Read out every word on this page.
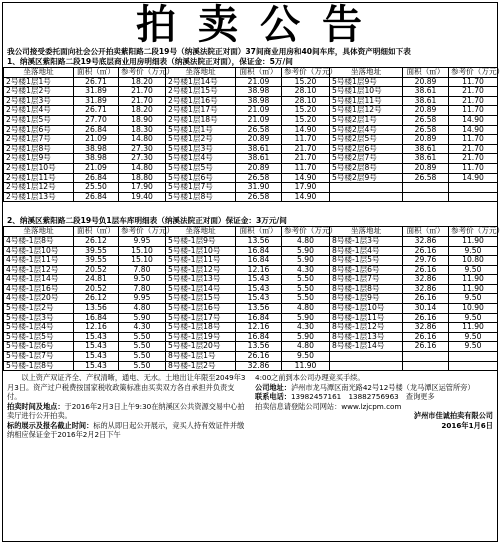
拍卖公告
我公司接受委托面向社会公开拍卖紫阳路二段19号（纳溪法院正对面）37间商业用房和40间车库，具体资产明细如下表
1、纳溪区紫阳路二段19号底层商业用房明细表（纳溪法院正对面），保证金：5万/间
坐落地址	面积（㎡）	参考价（万元）	坐落地址	面积（㎡）	参考价（万元）	坐落地址	面积（㎡）	参考价（万元）
2号楼1层1号	26.71	18.20	2号楼1层14号	21.09	15.20	5号楼1层9号	20.89	11.70
2号楼1层2号	31.89	21.70	2号楼1层15号	38.98	28.10	5号楼1层10号	38.61	21.70
2号楼1层3号	31.89	21.70	2号楼1层16号	38.98	28.10	5号楼1层11号	38.61	21.70
2号楼1层4号	26.71	18.20	2号楼1层17号	21.09	15.20	5号楼1层12号	20.89	11.70
2号楼1层5号	27.70	18.90	2号楼1层18号	21.09	15.20	5号楼2层1号	26.58	14.90
2号楼1层6号	26.84	18.30	5号楼1层1号	26.58	14.90	5号楼2层4号	26.58	14.90
2号楼1层7号	21.09	14.80	5号楼1层2号	20.89	11.70	5号楼2层5号	20.89	11.70
2号楼1层8号	38.98	27.30	5号楼1层3号	38.61	21.70	5号楼2层6号	38.61	21.70
2号楼1层9号	38.98	27.30	5号楼1层4号	38.61	21.70	5号楼2层7号	38.61	21.70
2号楼1层10号	21.09	14.80	5号楼1层5号	20.89	11.70	5号楼2层8号	20.89	11.70
2号楼1层11号	26.84	18.80	5号楼1层6号	26.58	14.90	5号楼2层9号	26.58	14.90
2号楼1层12号	25.50	17.90	5号楼1层7号	31.90	17.90			
2号楼1层13号	26.84	19.40	5号楼1层8号	26.58	14.90			
2、纳溪区紫阳路二段19号负1层车库明细表（纳溪法院正对面）保证金：3万元/间
坐落地址	面积（㎡）	参考价（万元）	坐落地址	面积（㎡）	参考价（万元）	坐落地址	面积（㎡）	参考价（万元）
4号楼-1层8号	26.12	9.95	5号楼-1层9号	13.56	4.80	8号楼-1层3号	32.86	11.90
4号楼-1层10号	39.55	15.10	5号楼-1层10号	16.84	5.90	8号楼-1层4号	26.16	9.50
4号楼-1层11号	39.55	15.10	5号楼-1层11号	16.84	5.90	8号楼-1层5号	29.76	10.80
4号楼-1层12号	20.52	7.80	5号楼-1层12号	12.16	4.30	8号楼-1层6号	26.16	9.50
4号楼-1层14号	24.81	9.50	5号楼-1层13号	15.43	5.50	8号楼-1层7号	32.86	11.90
4号楼-1层16号	20.52	7.80	5号楼-1层14号	15.43	5.50	8号楼-1层8号	32.86	11.90
4号楼-1层20号	26.12	9.95	5号楼-1层15号	15.43	5.50	8号楼-1层9号	26.16	9.50
5号楼-1层2号	13.56	4.80	5号楼-1层16号	13.56	4.80	8号楼-1层10号	30.14	10.90
5号楼-1层3号	16.84	5.90	5号楼-1层17号	16.84	5.90	8号楼-1层11号	26.16	9.50
5号楼-1层4号	12.16	4.30	5号楼-1层18号	12.16	4.30	8号楼-1层12号	32.86	11.90
5号楼-1层5号	15.43	5.50	5号楼-1层19号	16.84	5.90	8号楼-1层13号	26.16	9.50
5号楼-1层6号	15.43	5.50	5号楼-1层20号	13.56	4.80	8号楼-1层14号	26.16	9.50
5号楼-1层7号	15.43	5.50	8号楼-1层1号	26.16	9.50			
5号楼-1层8号	15.43	5.50	8号楼-1层2号	32.86	11.90			
以上资产双证齐全、产权清晰，通电、无水。土地出让年限至2049年3月3日。资产过户税费按国家税收政策标准由买卖双方各自承担并负责支付。
拍卖时间及地点：于2016年2月3日上午9:30在纳溪区公共资源交易中心拍卖厅进行公开拍卖。
标的展示及报名截止时间：标的从即日起公开展示，竞买人持有效证件并缴纳相应保证金于2016年2月2日下午
4:00之前到本公司办理竞买手续。
公司地址：泸州市龙马潭区南光路42号12号楼（龙马潭区运管所旁）
联系电话：13982457161　13882756963　查询更多
拍卖信息请登陆公司网站：www.lzjcpm.com
泸州市佳诚拍卖有限公司
2016年1月6日
